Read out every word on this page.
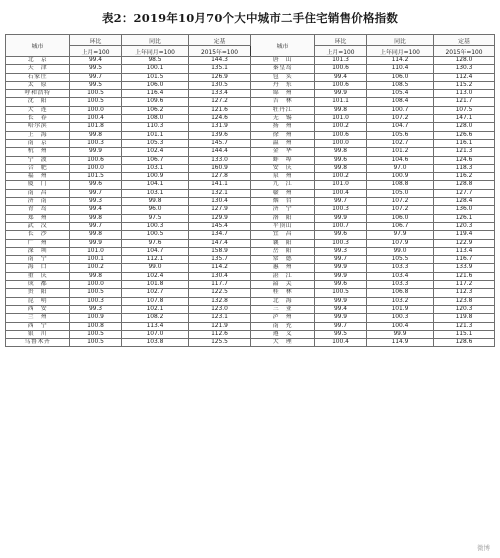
表2：2019年10月70个大中城市二手住宅销售价格指数
城市	环比	同比	定基	城市	环比	同比	定基
	上月=100	上年同月=100	2015年=100		上月=100	上年同月=100	2015年=100
北　京	99.4	98.5	144.3	唐　山	101.3	114.2	128.0
天　津	99.5	100.1	135.1	秦皇岛	100.6	110.4	130.3
石家庄	99.7	101.5	126.9	包　头	99.4	106.0	112.4
太　原	99.5	106.0	130.5	丹　东	100.6	108.5	115.2
呼和浩特	100.5	116.4	133.4	锦　州	99.9	105.4	113.0
沈　阳	100.5	109.6	127.2	吉　林	101.1	108.4	121.7
大　连	100.0	106.2	121.6	牡丹江	99.8	100.7	107.5
长　春	100.4	108.0	124.6	无　锡	101.0	107.2	147.1
哈尔滨	101.8	110.3	131.9	扬　州	100.2	104.7	128.0
上　海	99.8	101.1	139.6	徐　州	100.6	105.6	126.6
南　京	100.3	105.3	145.7	温　州	100.0	102.7	116.1
杭　州	99.9	102.4	144.4	金　华	99.8	101.2	121.3
宁　波	100.6	106.7	133.0	蚌　埠	99.6	104.6	124.6
合　肥	100.0	103.1	160.9	安　庆	99.8	97.0	118.3
福　州	101.5	100.9	127.8	泉　州	100.2	100.9	116.2
厦　门	99.6	104.1	141.1	九　江	101.0	108.8	128.8
南　昌	99.7	103.1	132.1	赣　州	100.4	105.0	127.7
济　南	99.3	99.8	130.4	烟　台	99.7	107.2	128.4
青　岛	99.4	96.0	127.9	济　宁	100.3	107.2	136.0
郑　州	99.8	97.5	129.9	洛　阳	99.9	106.0	126.1
武　汉	99.7	100.3	145.4	平顶山	100.7	106.7	120.3
长　沙	99.8	100.5	134.7	宜　昌	99.6	97.9	119.4
广　州	99.9	97.6	147.4	襄　阳	100.3	107.9	122.9
深　圳	101.0	104.7	158.9	岳　阳	99.3	99.0	113.4
南　宁	100.1	112.1	135.7	常　德	99.7	105.5	116.7
海　口	100.2	99.0	114.2	惠　州	99.9	103.3	133.9
重　庆	99.8	102.4	130.4	湛　江	99.9	103.4	121.6
成　都	100.0	101.8	117.7	韶　关	99.6	103.3	117.2
贵　阳	100.5	102.7	122.5	桂　林	100.5	106.8	112.3
昆　明	100.3	107.8	132.8	北　海	99.9	103.2	123.8
西　安	99.3	102.1	123.0	三　亚	99.4	101.9	120.3
兰　州	100.9	108.2	123.1	泸　州	99.9	100.3	119.8
西　宁	100.8	113.4	121.9	南　充	99.7	100.4	121.3
银　川	100.5	107.0	112.6	遵　义	99.5	99.9	115.1
乌鲁木齐	100.5	103.8	125.5	大　理	100.4	114.9	128.6
微博
